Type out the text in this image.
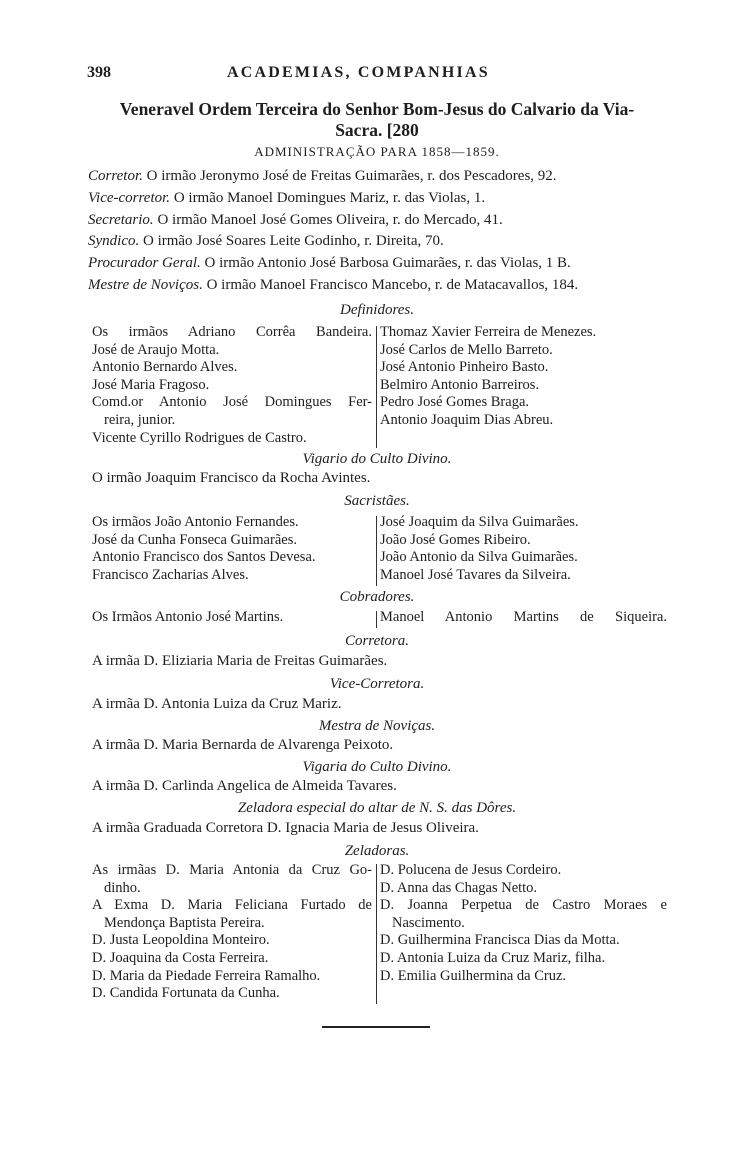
398	ACADEMIAS, COMPANHIAS
Veneravel Ordem Terceira do Senhor Bom-Jesus do Calvario da Via-
Sacra. [280
ADMINISTRAÇÃO PARA 1858—1859.
Corretor. O irmão Jeronymo José de Freitas Guimarães, r. dos Pescadores, 92.
Vice-corretor. O irmão Manoel Domingues Mariz, r. das Violas, 1.
Secretario. O irmão Manoel José Gomes Oliveira, r. do Mercado, 41.
Syndico. O irmão José Soares Leite Godinho, r. Direita, 70.
Procurador Geral. O irmão Antonio José Barbosa Guimarães, r. das Violas, 1 B.
Mestre de Noviços. O irmão Manoel Francisco Mancebo, r. de Matacavallos, 184.
Definidores.
Os irmãos Adriano Corrêa Bandeira.
José de Araujo Motta.
Antonio Bernardo Alves.
José Maria Fragoso.
Comd.or Antonio José Domingues Fer-
reira, junior.
Vicente Cyrillo Rodrigues de Castro.
Thomaz Xavier Ferreira de Menezes.
José Carlos de Mello Barreto.
José Antonio Pinheiro Basto.
Belmiro Antonio Barreiros.
Pedro José Gomes Braga.
Antonio Joaquim Dias Abreu.
Vigario do Culto Divino.
O irmão Joaquim Francisco da Rocha Avintes.
Sacristães.
Os irmãos João Antonio Fernandes.
José da Cunha Fonseca Guimarães.
Antonio Francisco dos Santos Devesa.
Francisco Zacharias Alves.
José Joaquim da Silva Guimarães.
João José Gomes Ribeiro.
João Antonio da Silva Guimarães.
Manoel José Tavares da Silveira.
Cobradores.
Os Irmãos Antonio José Martins.	Manoel Antonio Martins de Siqueira.
Corretora.
A irmãa D. Eliziaria Maria de Freitas Guimarães.
Vice-Corretora.
A irmãa D. Antonia Luiza da Cruz Mariz.
Mestra de Noviças.
A irmãa D. Maria Bernarda de Alvarenga Peixoto.
Vigaria do Culto Divino.
A irmãa D. Carlinda Angelica de Almeida Tavares.
Zeladora especial do altar de N. S. das Dôres.
A irmãa Graduada Corretora D. Ignacia Maria de Jesus Oliveira.
Zeladoras.
As irmãas D. Maria Antonia da Cruz Go-
dinho.
A Exma D. Maria Feliciana Furtado de
Mendonça Baptista Pereira.
D. Justa Leopoldina Monteiro.
D. Joaquina da Costa Ferreira.
D. Maria da Piedade Ferreira Ramalho.
D. Candida Fortunata da Cunha.
D. Polucena de Jesus Cordeiro.
D. Anna das Chagas Netto.
D. Joanna Perpetua de Castro Moraes e
Nascimento.
D. Guilhermina Francisca Dias da Motta.
D. Antonia Luiza da Cruz Mariz, filha.
D. Emilia Guilhermina da Cruz.
